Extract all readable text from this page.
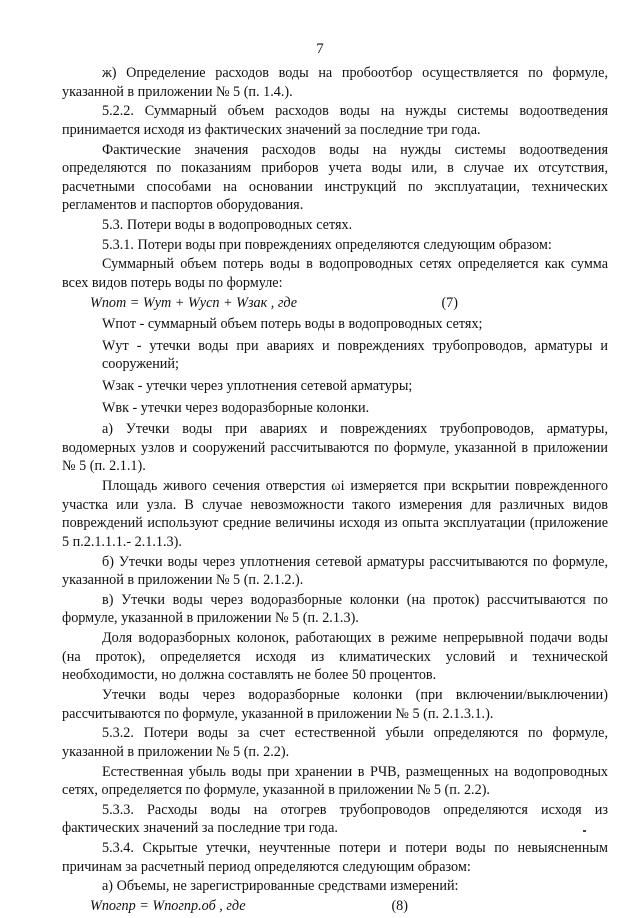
7

ж) Определение расходов воды на пробоотбор осуществляется по формуле, указанной в приложении № 5 (п. 1.4.).

5.2.2. Суммарный объем расходов воды на нужды системы водоотведения принимается исходя из фактических значений за последние три года.

Фактические значения расходов воды на нужды системы водоотведения определяются по показаниям приборов учета воды или, в случае их отсутствия, расчетными способами на основании инструкций по эксплуатации, технических регламентов и паспортов оборудования.

5.3. Потери воды в водопроводных сетях.

5.3.1. Потери воды при повреждениях определяются следующим образом:

Суммарный объем потерь воды в водопроводных сетях определяется как сумма всех видов потерь воды по формуле:

Wпот = Wут + Wусп + Wзак , где	(7)
Wпот - суммарный объем потерь воды в водопроводных сетях;
Wут - утечки воды при авариях и повреждениях трубопроводов, арматуры и сооружений;
Wзак - утечки через уплотнения сетевой арматуры;
Wвк - утечки через водоразборные колонки.

а) Утечки воды при авариях и повреждениях трубопроводов, арматуры, водомерных узлов и сооружений рассчитываются по формуле, указанной в приложении № 5 (п. 2.1.1).

Площадь живого сечения отверстия ωi измеряется при вскрытии поврежденного участка или узла. В случае невозможности такого измерения для различных видов повреждений используют средние величины исходя из опыта эксплуатации (приложение 5 п.2.1.1.1.- 2.1.1.3).

б) Утечки воды через уплотнения сетевой арматуры рассчитываются по формуле, указанной в приложении № 5 (п. 2.1.2.).

в) Утечки воды через водоразборные колонки (на проток) рассчитываются по формуле, указанной в приложении № 5 (п. 2.1.3).

Доля водоразборных колонок, работающих в режиме непрерывной подачи воды (на проток), определяется исходя из климатических условий и технической необходимости, но должна составлять не более 50 процентов.

Утечки воды через водоразборные колонки (при включении/выключении) рассчитываются по формуле, указанной в приложении № 5 (п. 2.1.3.1.).

5.3.2. Потери воды за счет естественной убыли определяются по формуле, указанной в приложении № 5 (п. 2.2).

Естественная убыль воды при хранении в РЧВ, размещенных на водопроводных сетях, определяется по формуле, указанной в приложении № 5 (п. 2.2).

5.3.3. Расходы воды на отогрев трубопроводов определяются исходя из фактических значений за последние три года.

5.3.4. Скрытые утечки, неучтенные потери и потери воды по невыясненным причинам за расчетный период определяются следующим образом:

а) Объемы, не зарегистрированные средствами измерений:

Wпогпр = Wпогпр.об , где	(8)
